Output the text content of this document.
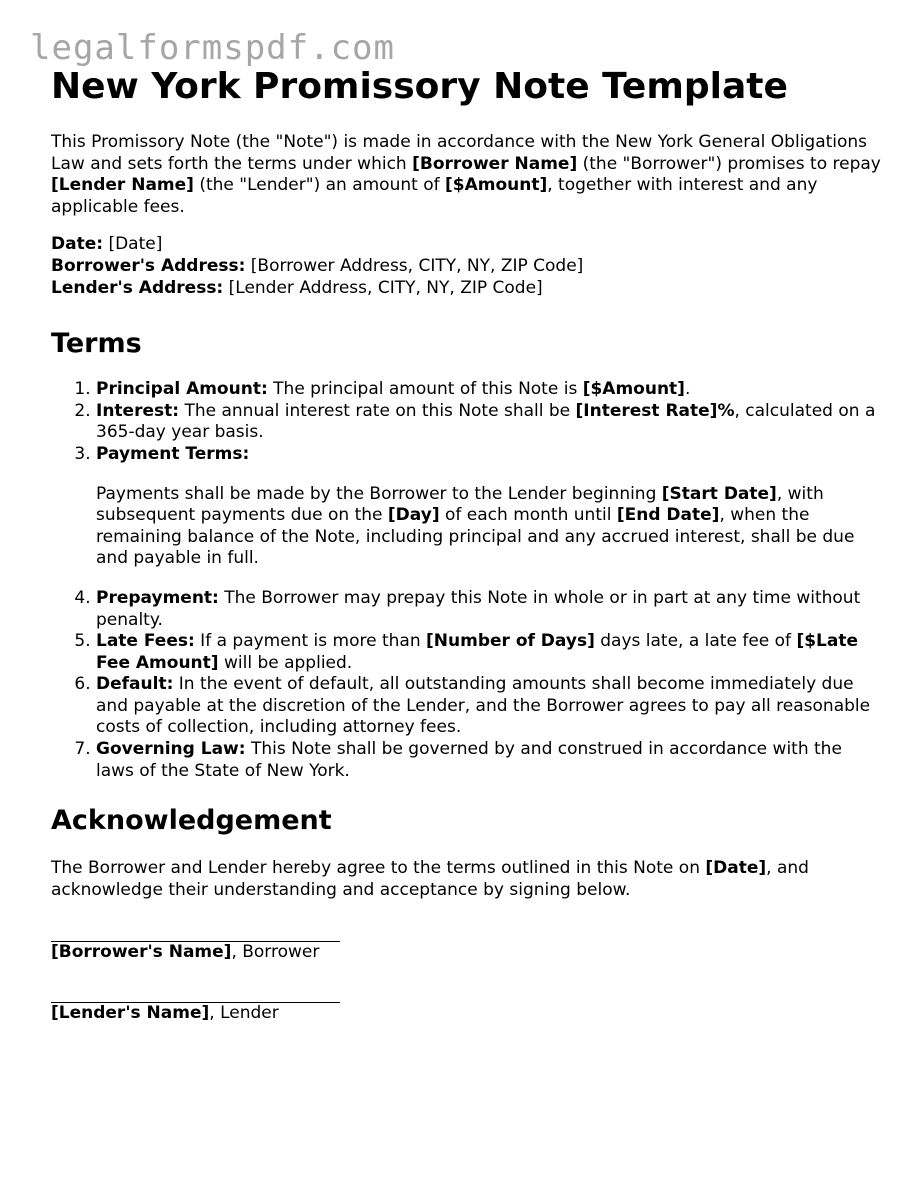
legalformspdf.com
New York Promissory Note Template

This Promissory Note (the "Note") is made in accordance with the New York General Obligations Law and sets forth the terms under which [Borrower Name] (the "Borrower") promises to repay [Lender Name] (the "Lender") an amount of [$Amount], together with interest and any applicable fees.

Date: [Date]
Borrower's Address: [Borrower Address, CITY, NY, ZIP Code]
Lender's Address: [Lender Address, CITY, NY, ZIP Code]
Terms
1. Principal Amount: The principal amount of this Note is [$Amount].
2. Interest: The annual interest rate on this Note shall be [Interest Rate]%, calculated on a 365-day year basis.
3. Payment Terms:

Payments shall be made by the Borrower to the Lender beginning [Start Date], with subsequent payments due on the [Day] of each month until [End Date], when the remaining balance of the Note, including principal and any accrued interest, shall be due and payable in full.

4. Prepayment: The Borrower may prepay this Note in whole or in part at any time without penalty.
5. Late Fees: If a payment is more than [Number of Days] days late, a late fee of [$Late Fee Amount] will be applied.
6. Default: In the event of default, all outstanding amounts shall become immediately due and payable at the discretion of the Lender, and the Borrower agrees to pay all reasonable costs of collection, including attorney fees.
7. Governing Law: This Note shall be governed by and construed in accordance with the laws of the State of New York.
Acknowledgement

The Borrower and Lender hereby agree to the terms outlined in this Note on [Date], and acknowledge their understanding and acceptance by signing below.

[Borrower's Name], Borrower
[Lender's Name], Lender
